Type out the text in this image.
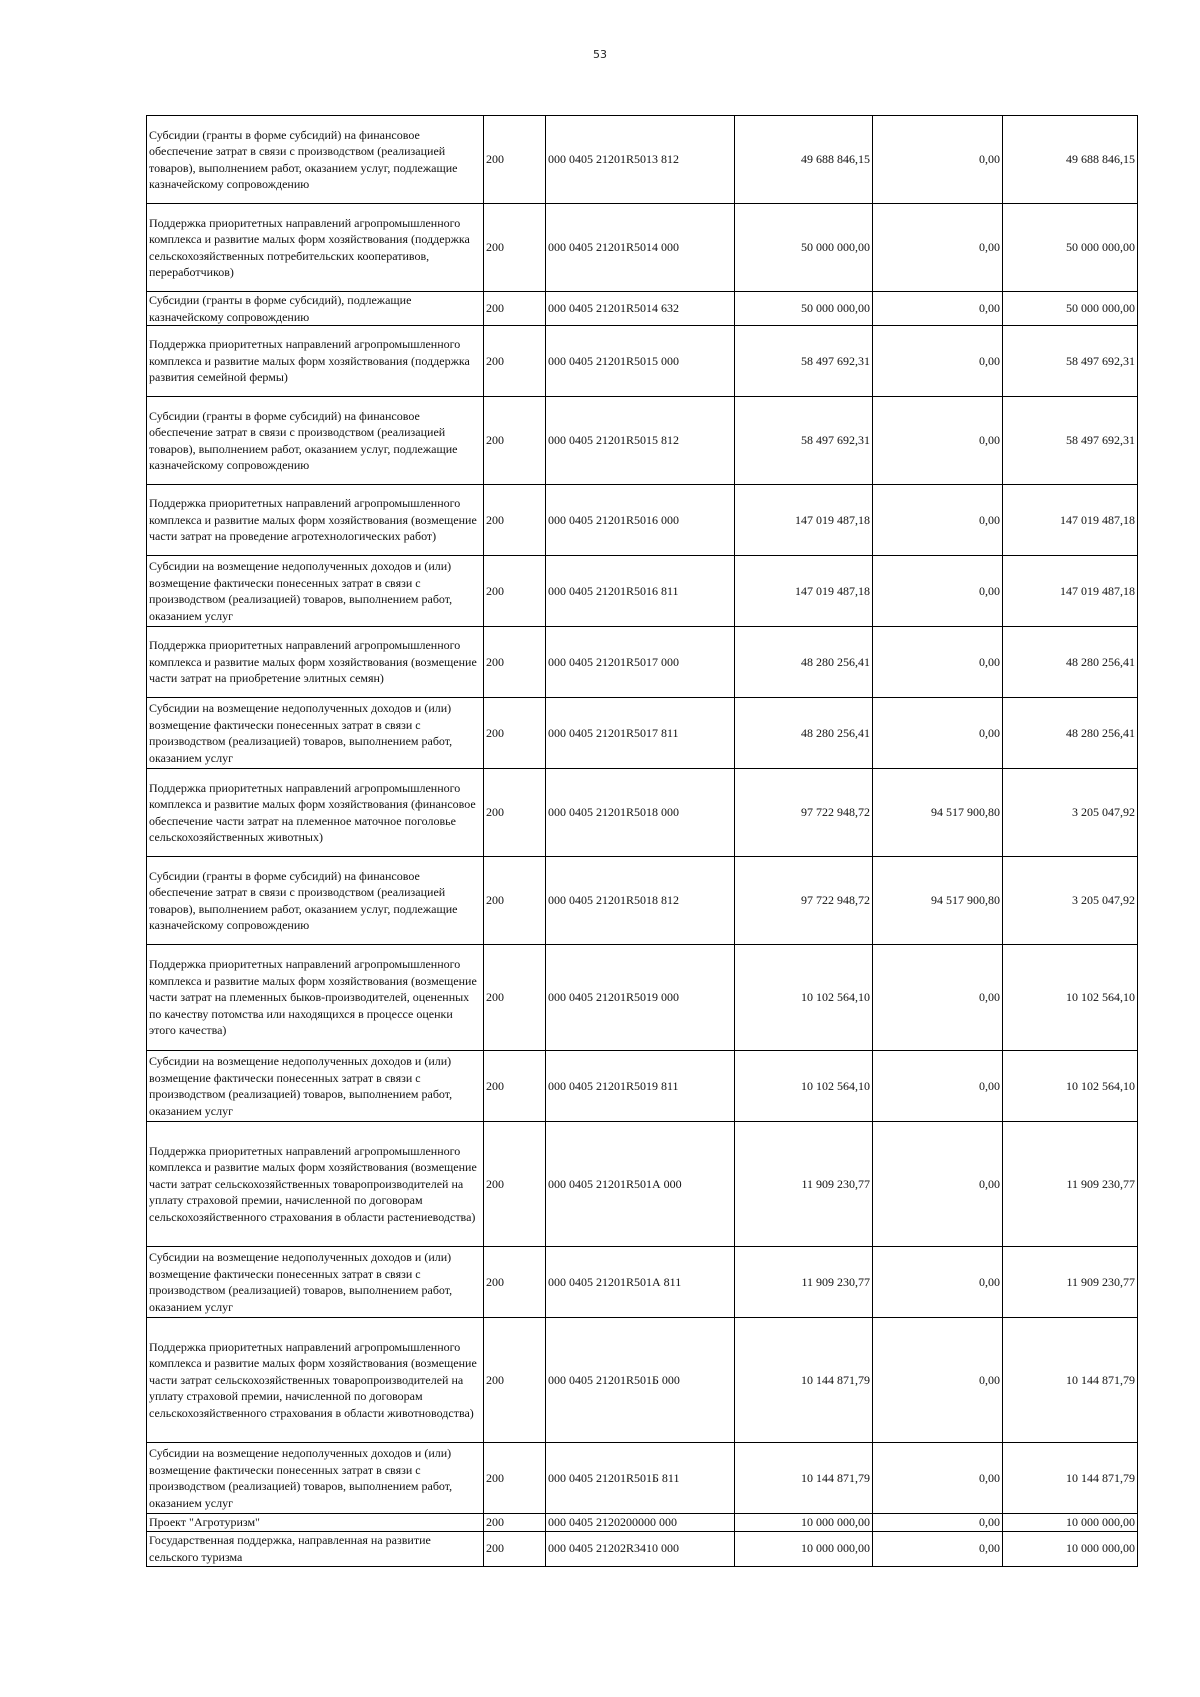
53
Субсидии (гранты в форме субсидий) на финансовое обеспечение затрат в связи с производством (реализацией товаров), выполнением работ, оказанием услуг, подлежащие казначейскому сопровождению	200	000 0405 21201R5013 812	49 688 846,15	0,00	49 688 846,15
Поддержка приоритетных направлений агропромышленного комплекса и развитие малых форм хозяйствования (поддержка сельскохозяйственных потребительских кооперативов, переработчиков)	200	000 0405 21201R5014 000	50 000 000,00	0,00	50 000 000,00
Субсидии (гранты в форме субсидий), подлежащие казначейскому сопровождению	200	000 0405 21201R5014 632	50 000 000,00	0,00	50 000 000,00
Поддержка приоритетных направлений агропромышленного комплекса и развитие малых форм хозяйствования (поддержка развития семейной фермы)	200	000 0405 21201R5015 000	58 497 692,31	0,00	58 497 692,31
Субсидии (гранты в форме субсидий) на финансовое обеспечение затрат в связи с производством (реализацией товаров), выполнением работ, оказанием услуг, подлежащие казначейскому сопровождению	200	000 0405 21201R5015 812	58 497 692,31	0,00	58 497 692,31
Поддержка приоритетных направлений агропромышленного комплекса и развитие малых форм хозяйствования (возмещение части затрат на проведение агротехнологических работ)	200	000 0405 21201R5016 000	147 019 487,18	0,00	147 019 487,18
Субсидии на возмещение недополученных доходов и (или) возмещение фактически понесенных затрат в связи с производством (реализацией) товаров, выполнением работ, оказанием услуг	200	000 0405 21201R5016 811	147 019 487,18	0,00	147 019 487,18
Поддержка приоритетных направлений агропромышленного комплекса и развитие малых форм хозяйствования (возмещение части затрат на приобретение элитных семян)	200	000 0405 21201R5017 000	48 280 256,41	0,00	48 280 256,41
Субсидии на возмещение недополученных доходов и (или) возмещение фактически понесенных затрат в связи с производством (реализацией) товаров, выполнением работ, оказанием услуг	200	000 0405 21201R5017 811	48 280 256,41	0,00	48 280 256,41
Поддержка приоритетных направлений агропромышленного комплекса и развитие малых форм хозяйствования (финансовое обеспечение части затрат на племенное маточное поголовье сельскохозяйственных животных)	200	000 0405 21201R5018 000	97 722 948,72	94 517 900,80	3 205 047,92
Субсидии (гранты в форме субсидий) на финансовое обеспечение затрат в связи с производством (реализацией товаров), выполнением работ, оказанием услуг, подлежащие казначейскому сопровождению	200	000 0405 21201R5018 812	97 722 948,72	94 517 900,80	3 205 047,92
Поддержка приоритетных направлений агропромышленного комплекса и развитие малых форм хозяйствования (возмещение части затрат на племенных быков-производителей, оцененных по качеству потомства или находящихся в процессе оценки этого качества)	200	000 0405 21201R5019 000	10 102 564,10	0,00	10 102 564,10
Субсидии на возмещение недополученных доходов и (или) возмещение фактически понесенных затрат в связи с производством (реализацией) товаров, выполнением работ, оказанием услуг	200	000 0405 21201R5019 811	10 102 564,10	0,00	10 102 564,10
Поддержка приоритетных направлений агропромышленного комплекса и развитие малых форм хозяйствования (возмещение части затрат сельскохозяйственных товаропроизводителей на уплату страховой премии, начисленной по договорам сельскохозяйственного страхования в области растениеводства)	200	000 0405 21201R501А 000	11 909 230,77	0,00	11 909 230,77
Субсидии на возмещение недополученных доходов и (или) возмещение фактически понесенных затрат в связи с производством (реализацией) товаров, выполнением работ, оказанием услуг	200	000 0405 21201R501А 811	11 909 230,77	0,00	11 909 230,77
Поддержка приоритетных направлений агропромышленного комплекса и развитие малых форм хозяйствования (возмещение части затрат сельскохозяйственных товаропроизводителей на уплату страховой премии, начисленной по договорам сельскохозяйственного страхования в области животноводства)	200	000 0405 21201R501Б 000	10 144 871,79	0,00	10 144 871,79
Субсидии на возмещение недополученных доходов и (или) возмещение фактически понесенных затрат в связи с производством (реализацией) товаров, выполнением работ, оказанием услуг	200	000 0405 21201R501Б 811	10 144 871,79	0,00	10 144 871,79
Проект "Агротуризм"	200	000 0405 2120200000 000	10 000 000,00	0,00	10 000 000,00
Государственная поддержка, направленная на развитие сельского туризма	200	000 0405 21202R3410 000	10 000 000,00	0,00	10 000 000,00
